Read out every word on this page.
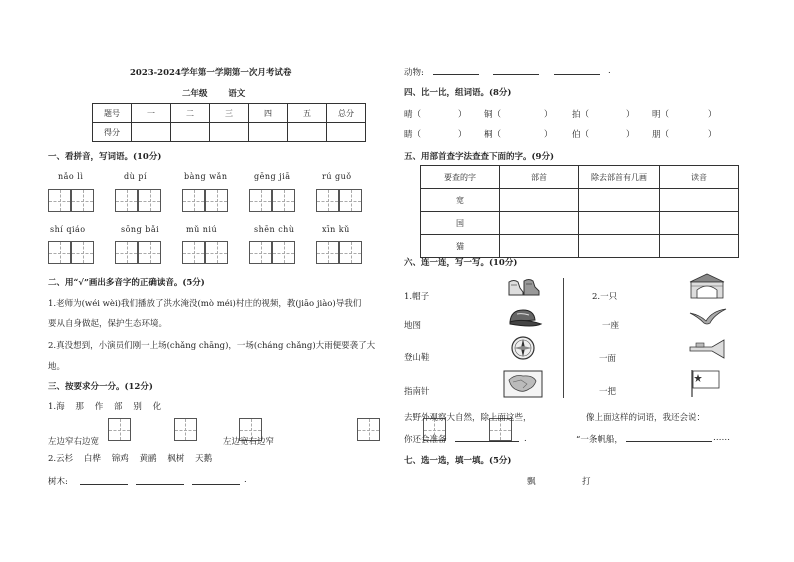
2023-2024学年第一学期第一次月考试卷
二年级 语文
题号	一	二	三	四	五	总分
得分						
一、看拼音，写词语。(10分)
nǎo lì	dù pí	bàng wǎn	gēng jiā	rú guǒ
shí qiáo	sōng bǎi	mǔ niú	shēn chù	xīn kǔ
二、用“√”画出多音字的正确读音。(5分)
1.老师为(wéi wèi)我们播放了洪水淹没(mò méi)村庄的视频，教(jiāo jiào)导我们
要从自身做起，保护生态环境。
2.真没想到，小演员们刚一上场(chǎng chāng)，一场(cháng chǎng)大雨便要袭了大
地。
三、按要求分一分。(12分)
1.海    那    作    部    别    化
左边窄右边宽
	左边宽右边窄

2.云杉    白桦    锦鸡    黄鹂    枫树    天鹅
树木:	.
动物:	.
四、比一比，组词语。(8分)
晴（	） 铜（	） 拍（	） 明（	）
睛（	） 桐（	） 伯（	） 朋（	）
五、用部首查字法查查下面的字。(9分)
要查的字	部首	除去部首有几画	读音
宽			
国			
猫			
六、连一连，写一写。(10分)
1.帽子
地图
登山鞋
指南针
2.一只
一座
一面
一把
去野外观察大自然，除上面这些，
你还会准备	.
像上面这样的词语，我还会说：
“一条帆船，	……
七、选一选，填一填。(5分)
飘	打
